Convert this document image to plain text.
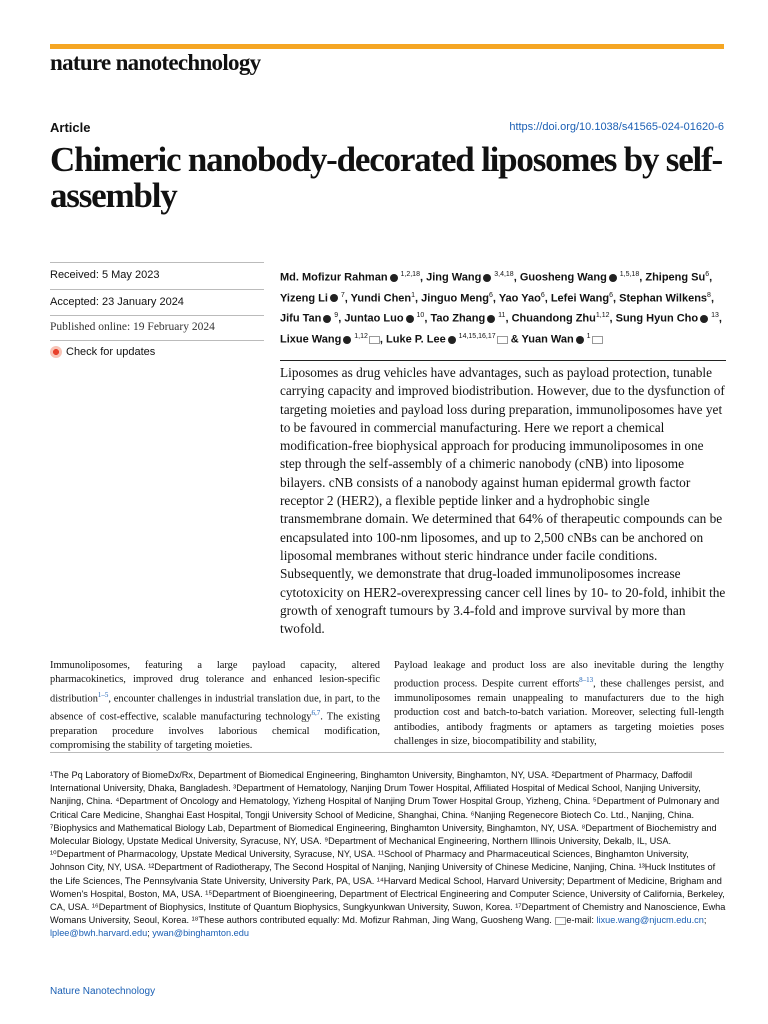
nature nanotechnology
Article	https://doi.org/10.1038/s41565-024-01620-6
Chimeric nanobody-decorated liposomes by self-assembly
Received: 5 May 2023
Accepted: 23 January 2024
Published online: 19 February 2024
Check for updates
Md. Mofizur Rahman $^{1,2,18}$, Jing Wang $^{3,4,18}$, Guosheng Wang $^{1,5,18}$, Zhipeng Su$^6$, Yizeng Li $^7$, Yundi Chen$^1$, Jinguo Meng$^6$, Yao Yao$^6$, Lefei Wang$^6$, Stephan Wilkens$^8$, Jifu Tan $^9$, Juntao Luo $^{10}$, Tao Zhang $^{11}$, Chuandong Zhu$^{1,12}$, Sung Hyun Cho $^{13}$, Lixue Wang $^{1,12}$ , Luke P. Lee $^{14,15,16,17}$ & Yuan Wan $^1$

Liposomes as drug vehicles have advantages, such as payload protection, tunable carrying capacity and improved biodistribution. However, due to the dysfunction of targeting moieties and payload loss during preparation, immunoliposomes have yet to be favoured in commercial manufacturing. Here we report a chemical modification-free biophysical approach for producing immunoliposomes in one step through the self-assembly of a chimeric nanobody (cNB) into liposome bilayers. cNB consists of a nanobody against human epidermal growth factor receptor 2 (HER2), a flexible peptide linker and a hydrophobic single transmembrane domain. We determined that 64% of therapeutic compounds can be encapsulated into 100-nm liposomes, and up to 2,500 cNBs can be anchored on liposomal membranes without steric hindrance under facile conditions. Subsequently, we demonstrate that drug-loaded immunoliposomes increase cytotoxicity on HER2-overexpressing cancer cell lines by 10- to 20-fold, inhibit the growth of xenograft tumours by 3.4-fold and improve survival by more than twofold.

Immunoliposomes, featuring a large payload capacity, altered pharmacokinetics, improved drug tolerance and enhanced lesion-specific distribution$^{1-5}$, encounter challenges in industrial translation due, in part, to the absence of cost-effective, scalable manufacturing technology$^{6,7}$. The existing preparation procedure involves laborious chemical modification, compromising the stability of targeting moieties.

Payload leakage and product loss are also inevitable during the lengthy production process. Despite current efforts$^{8-13}$, these challenges persist, and immunoliposomes remain unappealing to manufacturers due to the high production cost and batch-to-batch variation. Moreover, selecting full-length antibodies, antibody fragments or aptamers as targeting moieties poses challenges in size, biocompatibility and stability,

¹The Pq Laboratory of BiomeDx/Rx, Department of Biomedical Engineering, Binghamton University, Binghamton, NY, USA. ²Department of Pharmacy, Daffodil International University, Dhaka, Bangladesh. ³Department of Hematology, Nanjing Drum Tower Hospital, Affiliated Hospital of Medical School, Nanjing University, Nanjing, China. ⁴Department of Oncology and Hematology, Yizheng Hospital of Nanjing Drum Tower Hospital Group, Yizheng, China. ⁵Department of Pulmonary and Critical Care Medicine, Shanghai East Hospital, Tongji University School of Medicine, Shanghai, China. ⁶Nanjing Regenecore Biotech Co. Ltd., Nanjing, China. ⁷Biophysics and Mathematical Biology Lab, Department of Biomedical Engineering, Binghamton University, Binghamton, NY, USA. ⁸Department of Biochemistry and Molecular Biology, Upstate Medical University, Syracuse, NY, USA. ⁹Department of Mechanical Engineering, Northern Illinois University, Dekalb, IL, USA. ¹⁰Department of Pharmacology, Upstate Medical University, Syracuse, NY, USA. ¹¹School of Pharmacy and Pharmaceutical Sciences, Binghamton University, Johnson City, NY, USA. ¹²Department of Radiotherapy, The Second Hospital of Nanjing, Nanjing University of Chinese Medicine, Nanjing, China. ¹³Huck Institutes of the Life Sciences, The Pennsylvania State University, University Park, PA, USA. ¹⁴Harvard Medical School, Harvard University; Department of Medicine, Brigham and Women's Hospital, Boston, MA, USA. ¹⁵Department of Bioengineering, Department of Electrical Engineering and Computer Science, University of California, Berkeley, CA, USA. ¹⁶Department of Biophysics, Institute of Quantum Biophysics, Sungkyunkwan University, Suwon, Korea. ¹⁷Department of Chemistry and Nanoscience, Ewha Womans University, Seoul, Korea. ¹⁸These authors contributed equally: Md. Mofizur Rahman, Jing Wang, Guosheng Wang. e-mail: lixue.wang@njucm.edu.cn;
lplee@bwh.harvard.edu; ywan@binghamton.edu

Nature Nanotechnology
